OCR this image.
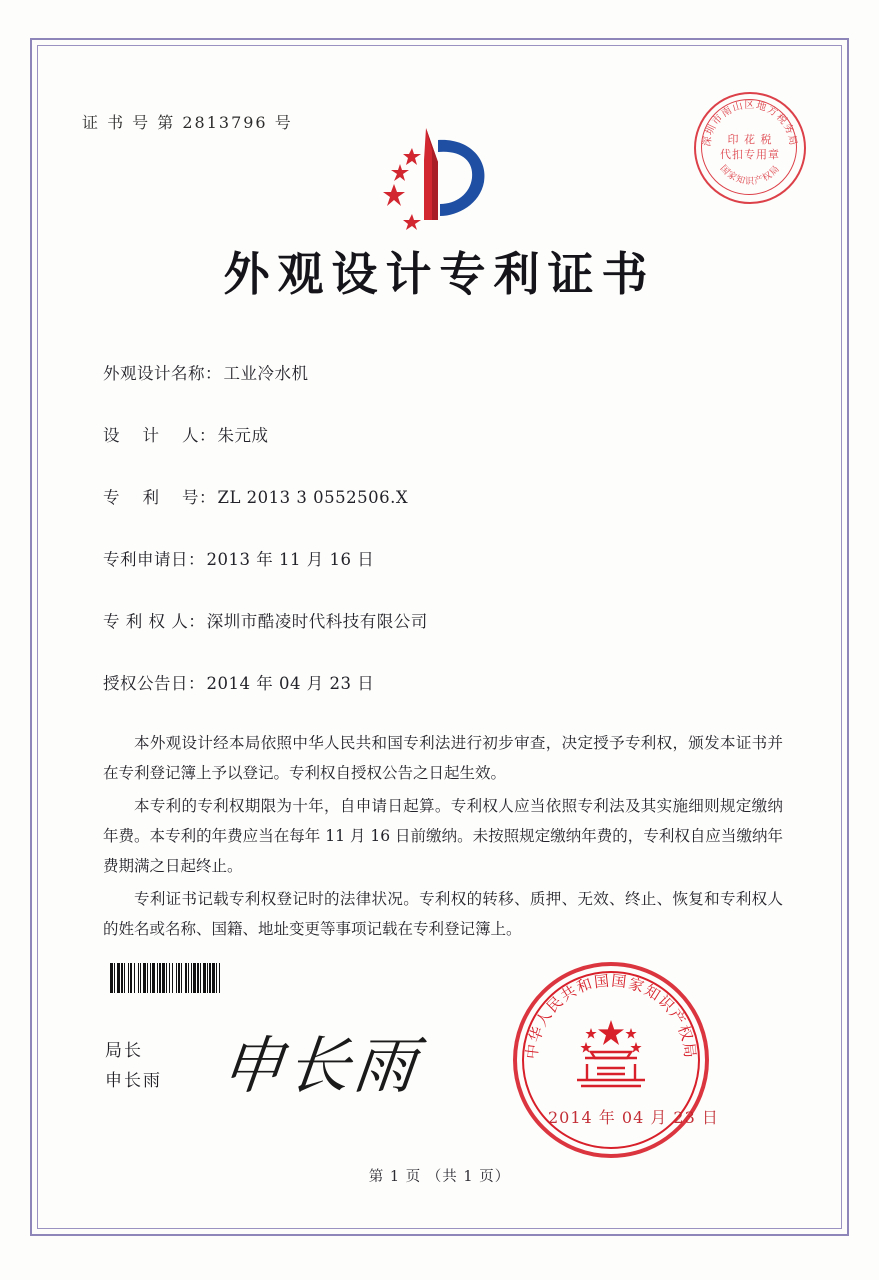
证 书 号 第 2813796 号
深圳市南山区地方税务局
国家知识产权局
印 花 税
代扣专用章
外观设计专利证书
外观设计名称 ： 工业冷水机
设 计 人 ： 朱元成
专 利 号 ： ZL 2013 3 0552506.X
专利申请日 ： 2013 年 11 月 16 日
专 利 权 人 ： 深圳市酷凌时代科技有限公司
授权公告日 ： 2014 年 04 月 23 日

本外观设计经本局依照中华人民共和国专利法进行初步审查，决定授予专利权，颁发本证书并在专利登记簿上予以登记。专利权自授权公告之日起生效。

本专利的专利权期限为十年，自申请日起算。专利权人应当依照专利法及其实施细则规定缴纳年费。本专利的年费应当在每年 11 月 16 日前缴纳。未按照规定缴纳年费的，专利权自应当缴纳年费期满之日起终止。

专利证书记载专利权登记时的法律状况。专利权的转移、质押、无效、终止、恢复和专利权人的姓名或名称、国籍、地址变更等事项记载在专利登记簿上。

局长
申长雨 申长雨	中华人民共和国国家知识产权局
2014 年 04 月 23 日
第 1 页 （共 1 页）
